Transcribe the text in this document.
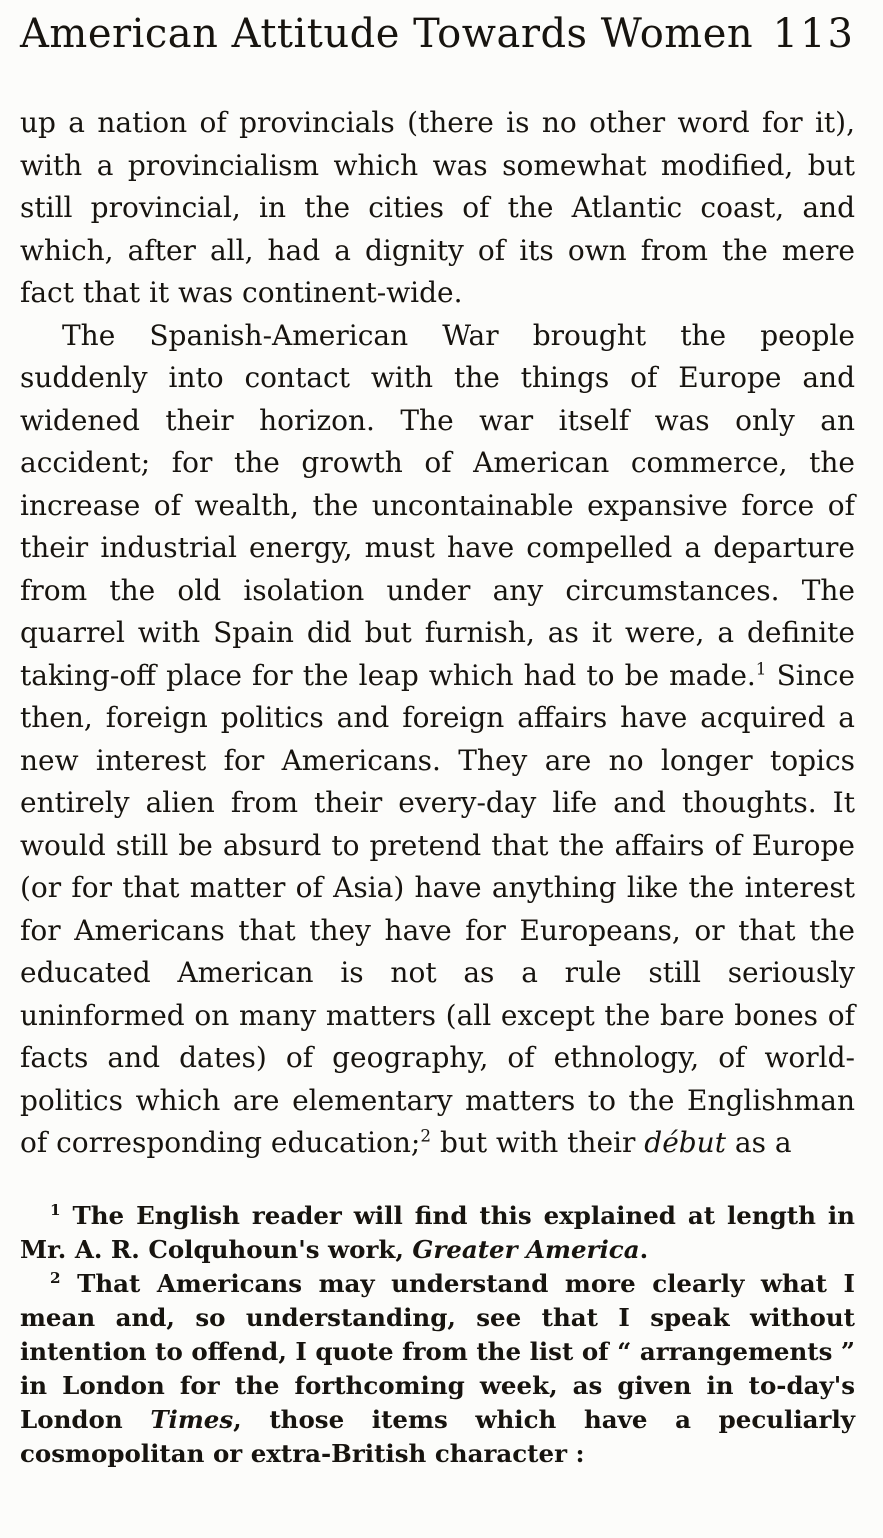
American Attitude Towards Women 113

up a nation of provincials (there is no other word for it), with a provincialism which was somewhat modified, but still provincial, in the cities of the Atlantic coast, and which, after all, had a dignity of its own from the mere fact that it was continent-wide.

The Spanish-American War brought the people suddenly into contact with the things of Europe and widened their horizon. The war itself was only an accident; for the growth of American commerce, the increase of wealth, the uncontainable expansive force of their industrial energy, must have compelled a departure from the old isolation under any circumstances. The quarrel with Spain did but furnish, as it were, a definite taking-off place for the leap which had to be made.$^1$ Since then, foreign politics and foreign affairs have acquired a new interest for Americans. They are no longer topics entirely alien from their every-day life and thoughts. It would still be absurd to pretend that the affairs of Europe (or for that matter of Asia) have anything like the interest for Americans that they have for Europeans, or that the educated American is not as a rule still seriously uninformed on many matters (all except the bare bones of facts and dates) of geography, of ethnology, of world-politics which are elementary matters to the Englishman of corresponding education;$^2$ but with their début as a

$^1$ The English reader will find this explained at length in Mr. A. R. Colquhoun's work, Greater America.

$^2$ That Americans may understand more clearly what I mean and, so understanding, see that I speak without intention to offend, I quote from the list of “ arrangements ” in London for the forthcoming week, as given in to-day's London Times, those items which have a peculiarly cosmopolitan or extra-British character :
